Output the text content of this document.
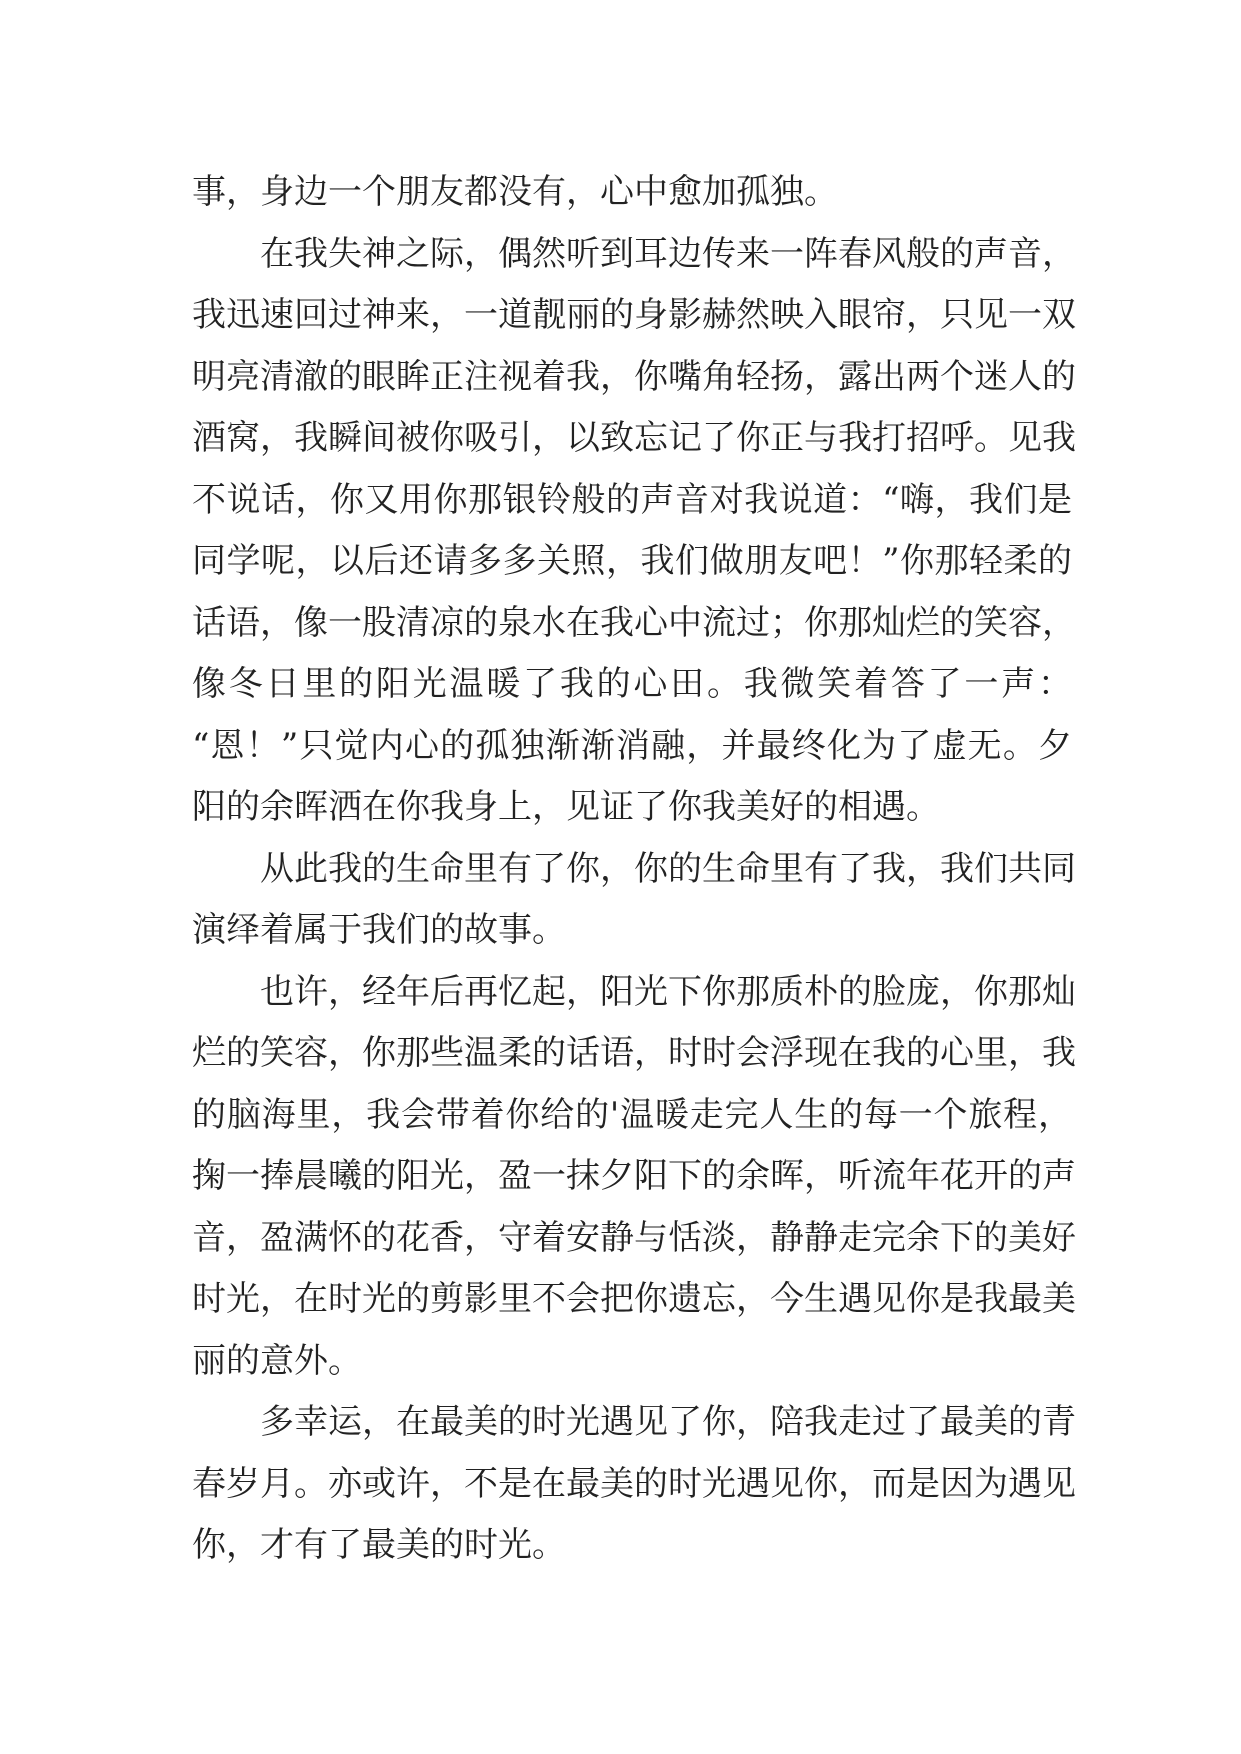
事，身边一个朋友都没有，心中愈加孤独。
在我失神之际，偶然听到耳边传来一阵春风般的声音，
我迅速回过神来，一道靓丽的身影赫然映入眼帘，只见一双
明亮清澈的眼眸正注视着我，你嘴角轻扬，露出两个迷人的
酒窝，我瞬间被你吸引，以致忘记了你正与我打招呼。见我
不说话，你又用你那银铃般的声音对我说道：“嗨，我们是
同学呢，以后还请多多关照，我们做朋友吧！”你那轻柔的
话语，像一股清凉的泉水在我心中流过；你那灿烂的笑容，
像冬日里的阳光温暖了我的心田。我微笑着答了一声：
“恩！”只觉内心的孤独渐渐消融，并最终化为了虚无。夕
阳的余晖洒在你我身上，见证了你我美好的相遇。
从此我的生命里有了你，你的生命里有了我，我们共同
演绎着属于我们的故事。
也许，经年后再忆起，阳光下你那质朴的脸庞，你那灿
烂的笑容，你那些温柔的话语，时时会浮现在我的心里，我
的脑海里，我会带着你给的'温暖走完人生的每一个旅程，
掬一捧晨曦的阳光，盈一抹夕阳下的余晖，听流年花开的声
音，盈满怀的花香，守着安静与恬淡，静静走完余下的美好
时光，在时光的剪影里不会把你遗忘，今生遇见你是我最美
丽的意外。
多幸运，在最美的时光遇见了你，陪我走过了最美的青
春岁月。亦或许，不是在最美的时光遇见你，而是因为遇见
你，才有了最美的时光。
